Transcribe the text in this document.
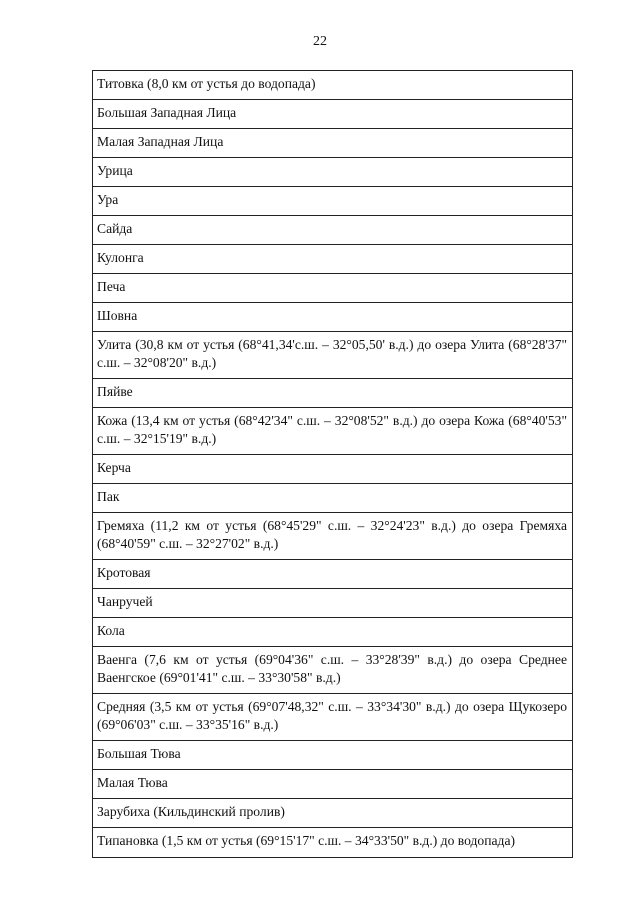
22
Титовка (8,0 км от устья до водопада)
Большая Западная Лица
Малая Западная Лица
Урица
Ура
Сайда
Кулонга
Печа
Шовна
Улита (30,8 км от устья (68°41,34'с.ш. – 32°05,50' в.д.) до озера Улита (68°28'37" с.ш. – 32°08'20" в.д.)
Пяйве
Кожа (13,4 км от устья (68°42'34" с.ш. – 32°08'52" в.д.) до озера Кожа (68°40'53" с.ш. – 32°15'19" в.д.)
Керча
Пак
Гремяха (11,2 км от устья (68°45'29" с.ш. – 32°24'23" в.д.) до озера Гремяха (68°40'59" с.ш. – 32°27'02" в.д.)
Кротовая
Чанручей
Кола
Ваенга (7,6 км от устья (69°04'36" с.ш. – 33°28'39" в.д.) до озера Среднее Ваенгское (69°01'41" с.ш. – 33°30'58" в.д.)
Средняя (3,5 км от устья (69°07'48,32" с.ш. – 33°34'30" в.д.) до озера Щукозеро (69°06'03" с.ш. – 33°35'16" в.д.)
Большая Тюва
Малая Тюва
Зарубиха (Кильдинский пролив)
Типановка (1,5 км от устья (69°15'17" с.ш. – 34°33'50" в.д.) до водопада)
